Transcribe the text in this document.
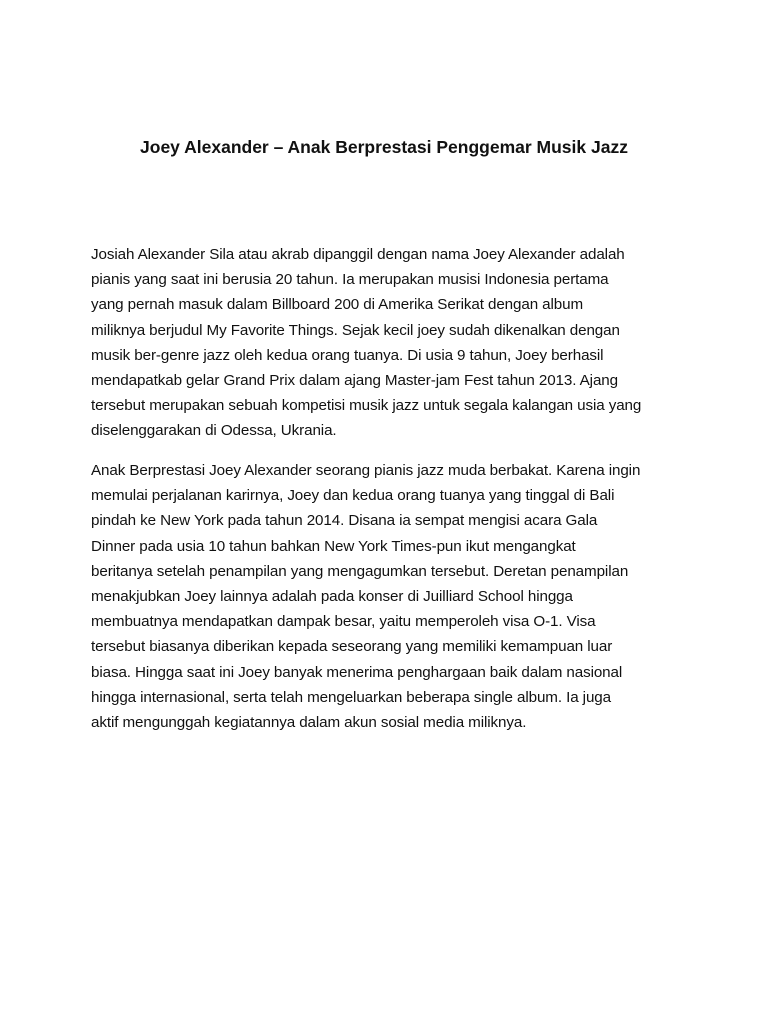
Joey Alexander – Anak Berprestasi Penggemar Musik Jazz

Josiah Alexander Sila atau akrab dipanggil dengan nama Joey Alexander adalah
pianis yang saat ini berusia 20 tahun. Ia merupakan musisi Indonesia pertama
yang pernah masuk dalam Billboard 200 di Amerika Serikat dengan album
miliknya berjudul My Favorite Things. Sejak kecil joey sudah dikenalkan dengan
musik ber-genre jazz oleh kedua orang tuanya. Di usia 9 tahun, Joey berhasil
mendapatkab gelar Grand Prix dalam ajang Master-jam Fest tahun 2013. Ajang
tersebut merupakan sebuah kompetisi musik jazz untuk segala kalangan usia yang
diselenggarakan di Odessa, Ukrania.

Anak Berprestasi Joey Alexander seorang pianis jazz muda berbakat. Karena ingin
memulai perjalanan karirnya, Joey dan kedua orang tuanya yang tinggal di Bali
pindah ke New York pada tahun 2014. Disana ia sempat mengisi acara Gala
Dinner pada usia 10 tahun bahkan New York Times-pun ikut mengangkat
beritanya setelah penampilan yang mengagumkan tersebut. Deretan penampilan
menakjubkan Joey lainnya adalah pada konser di Juilliard School hingga
membuatnya mendapatkan dampak besar, yaitu memperoleh visa O-1. Visa
tersebut biasanya diberikan kepada seseorang yang memiliki kemampuan luar
biasa. Hingga saat ini Joey banyak menerima penghargaan baik dalam nasional
hingga internasional, serta telah mengeluarkan beberapa single album. Ia juga
aktif mengunggah kegiatannya dalam akun sosial media miliknya.
